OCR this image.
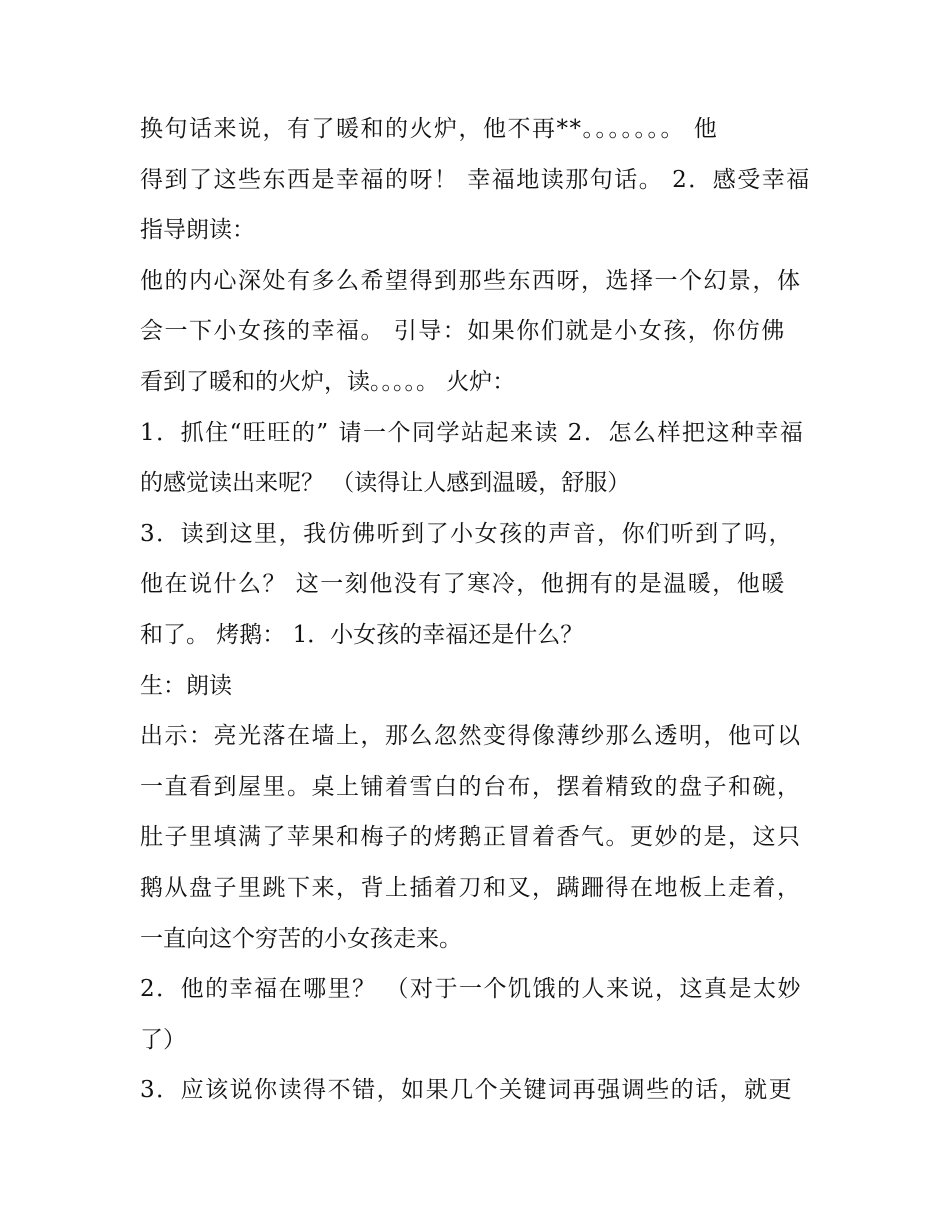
换句话来说，有了暖和的火炉，他不再**。。。。。。。 他
得到了这些东西是幸福的呀！ 幸福地读那句话。 2．感受幸福
指导朗读：
他的内心深处有多么希望得到那些东西呀，选择一个幻景，体
会一下小女孩的幸福。 引导：如果你们就是小女孩，你仿佛
看到了暖和的火炉，读。。。。。 火炉：
1．抓住“旺旺的” 请一个同学站起来读 2．怎么样把这种幸福
的感觉读出来呢？ （读得让人感到温暖，舒服）
3．读到这里，我仿佛听到了小女孩的声音，你们听到了吗，
他在说什么？ 这一刻他没有了寒冷，他拥有的是温暖，他暖
和了。 烤鹅： 1．小女孩的幸福还是什么？
生：朗读
出示：亮光落在墙上，那么忽然变得像薄纱那么透明，他可以
一直看到屋里。桌上铺着雪白的台布，摆着精致的盘子和碗，
肚子里填满了苹果和梅子的烤鹅正冒着香气。更妙的是，这只
鹅从盘子里跳下来，背上插着刀和叉，蹒跚得在地板上走着，
一直向这个穷苦的小女孩走来。
2．他的幸福在哪里？ （对于一个饥饿的人来说，这真是太妙
了）
3．应该说你读得不错，如果几个关键词再强调些的话，就更
